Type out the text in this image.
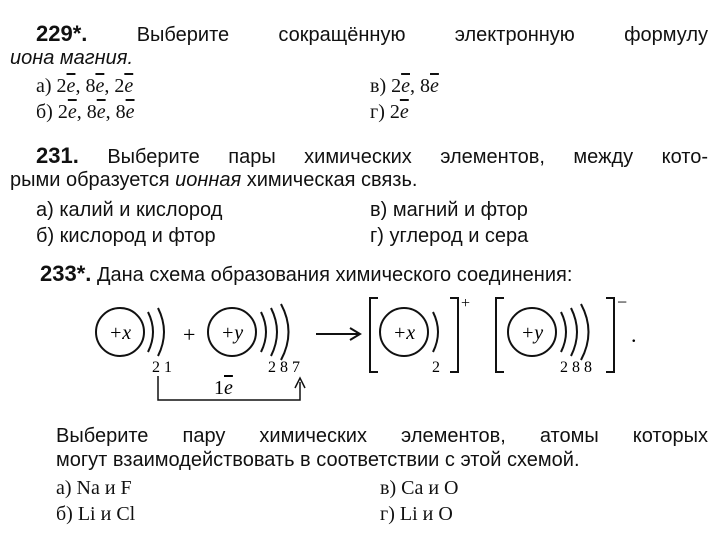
229*. Выберите сокращённую электронную формулу
иона магния.
а) $2\overline{e}$, $8\overline{e}$, $2\overline{e}$	в) $2\overline{e}$, $8\overline{e}$
б) $2\overline{e}$, $8\overline{e}$, $8\overline{e}$	г) $2\overline{e}$
231. Выберите пары химических элементов, между кото-
рыми образуется ионная химическая связь.
а) калий и кислород	в) магний и фтор
б) кислород и фтор	г) углерод и сера
233*. Дана схема образования химического соединения:
+x
2 1
+ +y
2 8 7
+x
2
+
+y
2 8 8
−
.
1e
Выберите пару химических элементов, атомы которых
могут взаимодействовать в соответствии с этой схемой.
а) Na и F	в) Ca и O
б) Li и Cl	г) Li и O
